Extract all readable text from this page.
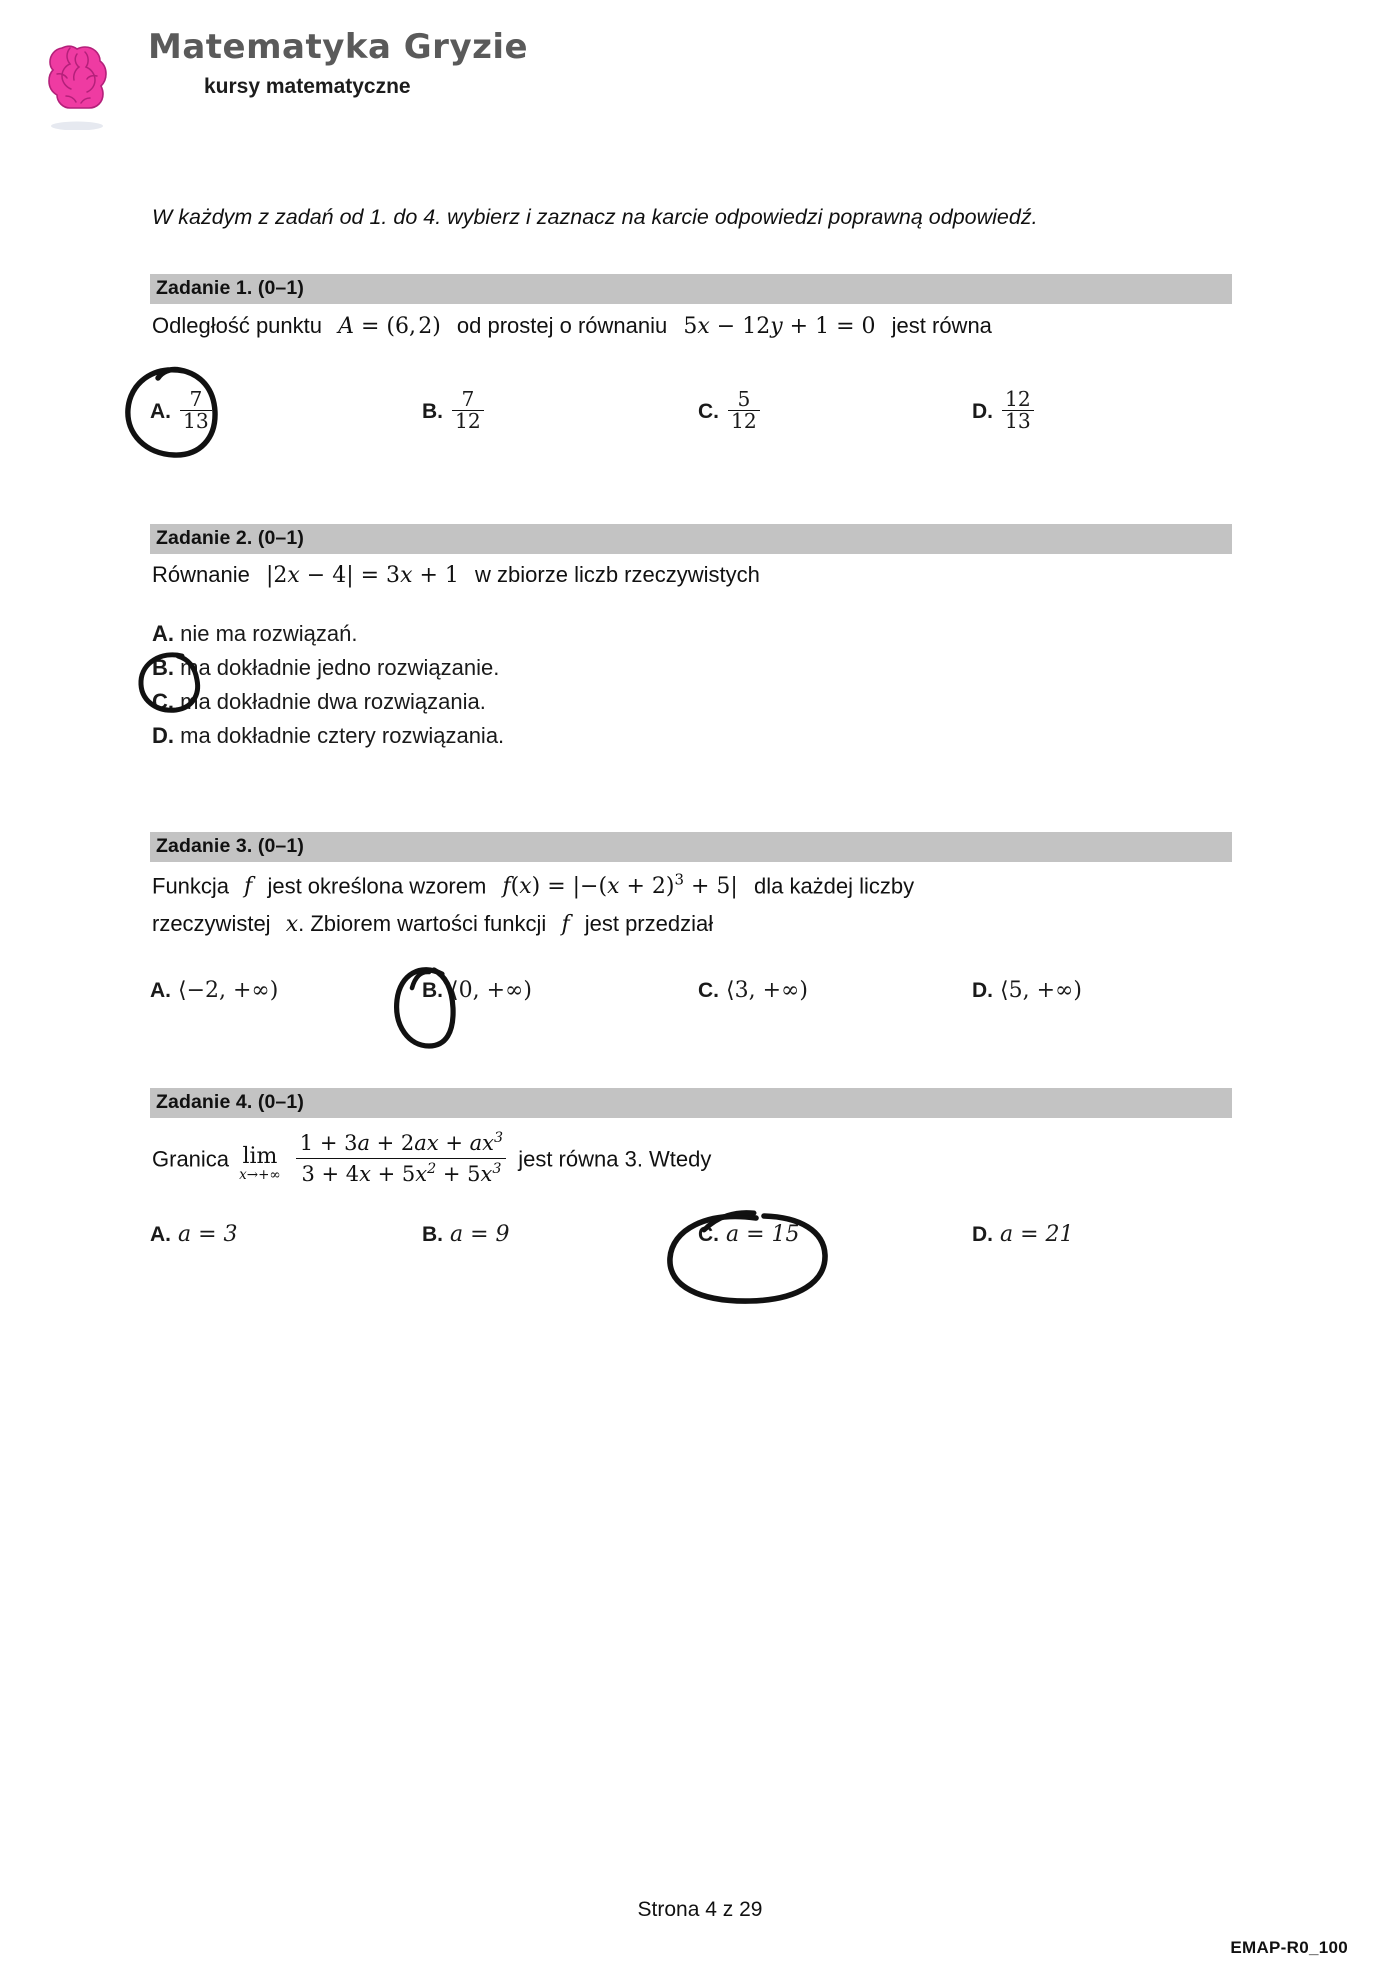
Matematyka Gryzie
kursy matematyczne
W każdym z zadań od 1. do 4. wybierz i zaznacz na karcie odpowiedzi poprawną odpowiedź.
Zadanie 1. (0–1)
Odległość punktu A = (6, 2) od prostej o równaniu 5x − 12y + 1 = 0 jest równa
A. $\frac{7}{13}$	B. $\frac{7}{12}$	C. $\frac{5}{12}$	D. $\frac{12}{13}$
Zadanie 2. (0–1)
Równanie |2x − 4| = 3x + 1 w zbiorze liczb rzeczywistych
A. nie ma rozwiązań.
B. ma dokładnie jedno rozwiązanie.
C. ma dokładnie dwa rozwiązania.
D. ma dokładnie cztery rozwiązania.
Zadanie 3. (0–1)
Funkcja f jest określona wzorem $f(x) = |-(x + 2)^3 + 5|$ dla każdej liczby
rzeczywistej x. Zbiorem wartości funkcji f jest przedział
A. ⟨−2, +∞)	B. ⟨0, +∞)	C. ⟨3, +∞)	D. ⟨5, +∞)
Zadanie 4. (0–1)
Granica lim
x→+∞
$\frac{1 + 3a + 2ax + ax^3}{3 + 4x + 5x^2 + 5x^3}$ jest równa 3. Wtedy
A. a = 3	B. a = 9	C. a = 15	D. a = 21
Strona 4 z 29
EMAP-R0_100
